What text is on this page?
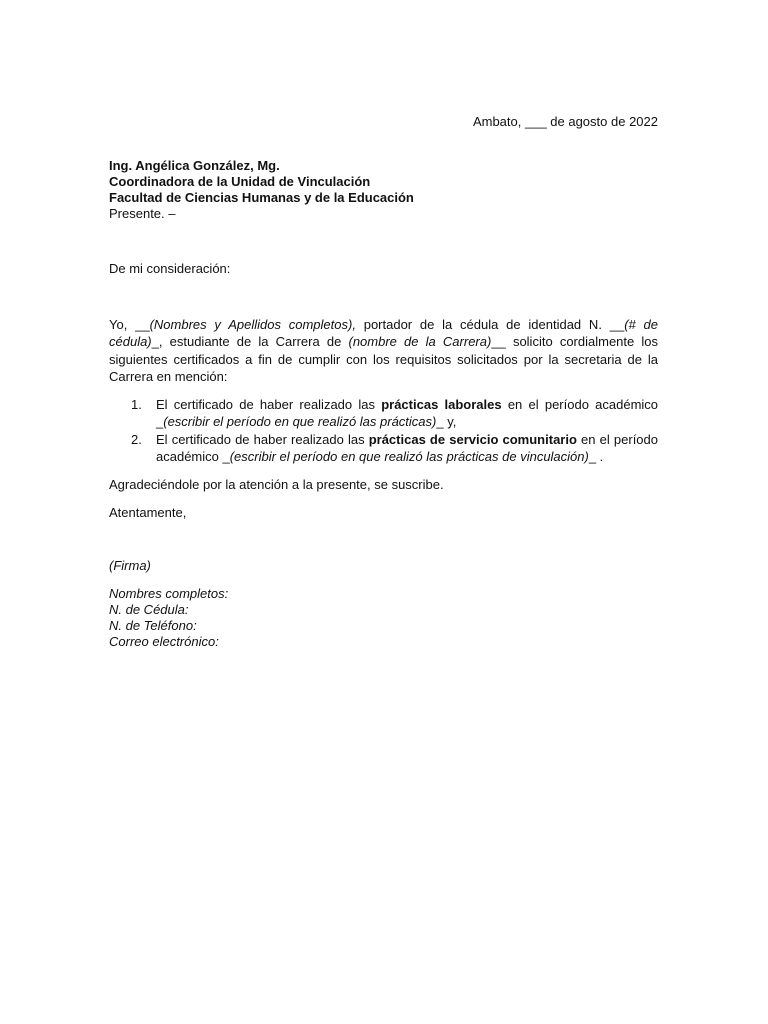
Ambato, ___ de agosto de 2022
Ing. Angélica González, Mg.
Coordinadora de la Unidad de Vinculación
Facultad de Ciencias Humanas y de la Educación
Presente. –
De mi consideración:
Yo, __(Nombres y Apellidos completos), portador de la cédula de identidad N. __(# de cédula)_, estudiante de la Carrera de (nombre de la Carrera)__ solicito cordialmente los siguientes certificados a fin de cumplir con los requisitos solicitados por la secretaria de la Carrera en mención:
1. El certificado de haber realizado las prácticas laborales en el período académico _(escribir el período en que realizó las prácticas)_ y,
2. El certificado de haber realizado las prácticas de servicio comunitario en el período académico _(escribir el período en que realizó las prácticas de vinculación)_ .
Agradeciéndole por la atención a la presente, se suscribe.
Atentamente,
(Firma)
Nombres completos:
N. de Cédula:
N. de Teléfono:
Correo electrónico:
